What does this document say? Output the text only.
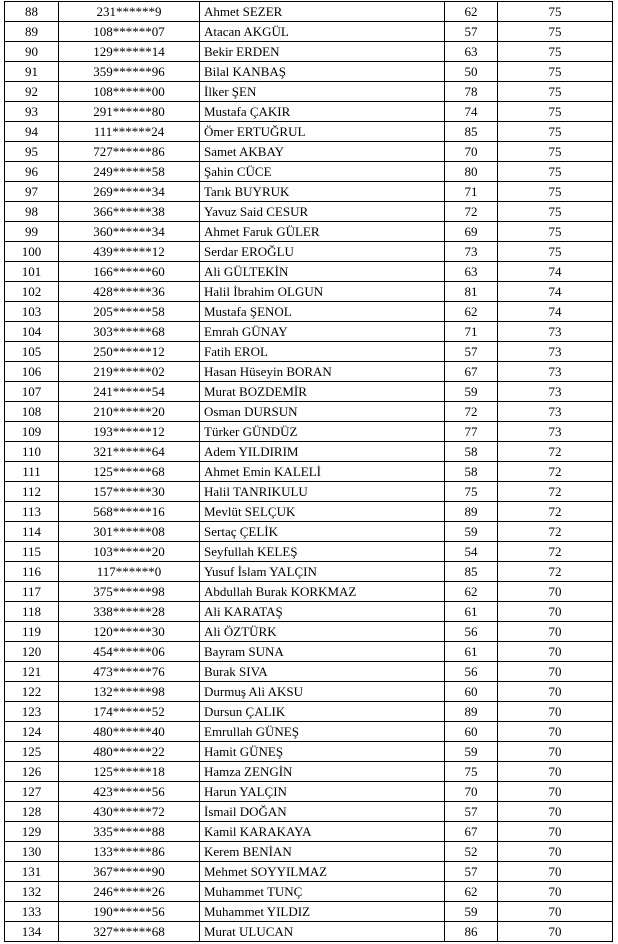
88	231******9	Ahmet SEZER	62	75
89	108******07	Atacan AKGÜL	57	75
90	129******14	Bekir ERDEN	63	75
91	359******96	Bilal KANBAŞ	50	75
92	108******00	İlker ŞEN	78	75
93	291******80	Mustafa ÇAKIR	74	75
94	111******24	Ömer ERTUĞRUL	85	75
95	727******86	Samet AKBAY	70	75
96	249******58	Şahin CÜCE	80	75
97	269******34	Tarık BUYRUK	71	75
98	366******38	Yavuz Said CESUR	72	75
99	360******34	Ahmet Faruk GÜLER	69	75
100	439******12	Serdar EROĞLU	73	75
101	166******60	Ali GÜLTEKİN	63	74
102	428******36	Halil İbrahim OLGUN	81	74
103	205******58	Mustafa ŞENOL	62	74
104	303******68	Emrah GÜNAY	71	73
105	250******12	Fatih EROL	57	73
106	219******02	Hasan Hüseyin BORAN	67	73
107	241******54	Murat BOZDEMİR	59	73
108	210******20	Osman DURSUN	72	73
109	193******12	Türker GÜNDÜZ	77	73
110	321******64	Adem YILDIRIM	58	72
111	125******68	Ahmet Emin KALELİ	58	72
112	157******30	Halil TANRIKULU	75	72
113	568******16	Mevlüt SELÇUK	89	72
114	301******08	Sertaç ÇELİK	59	72
115	103******20	Seyfullah KELEŞ	54	72
116	117******0	Yusuf İslam YALÇIN	85	72
117	375******98	Abdullah Burak KORKMAZ	62	70
118	338******28	Ali KARATAŞ	61	70
119	120******30	Ali ÖZTÜRK	56	70
120	454******06	Bayram SUNA	61	70
121	473******76	Burak SIVA	56	70
122	132******98	Durmuş Ali AKSU	60	70
123	174******52	Dursun ÇALIK	89	70
124	480******40	Emrullah GÜNEŞ	60	70
125	480******22	Hamit GÜNEŞ	59	70
126	125******18	Hamza ZENGİN	75	70
127	423******56	Harun YALÇIN	70	70
128	430******72	İsmail DOĞAN	57	70
129	335******88	Kamil KARAKAYA	67	70
130	133******86	Kerem BENİAN	52	70
131	367******90	Mehmet SOYYILMAZ	57	70
132	246******26	Muhammet TUNÇ	62	70
133	190******56	Muhammet YILDIZ	59	70
134	327******68	Murat ULUCAN	86	70
